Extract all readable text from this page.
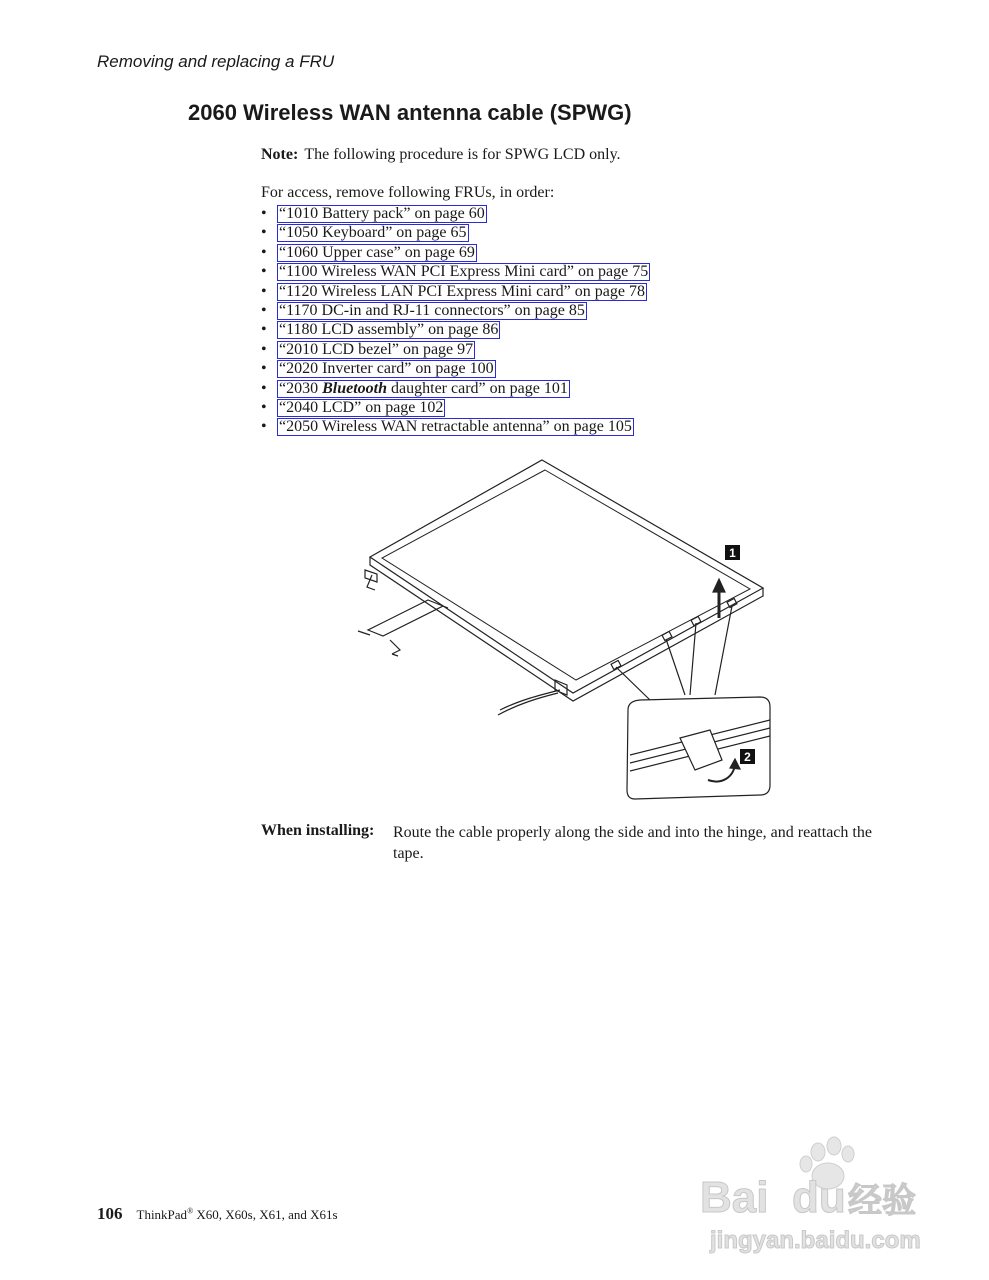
Removing and replacing a FRU
2060 Wireless WAN antenna cable (SPWG)
Note: The following procedure is for SPWG LCD only.
For access, remove following FRUs, in order:
• “1010 Battery pack” on page 60
• “1050 Keyboard” on page 65
• “1060 Upper case” on page 69
• “1100 Wireless WAN PCI Express Mini card” on page 75
• “1120 Wireless LAN PCI Express Mini card” on page 78
• “1170 DC-in and RJ-11 connectors” on page 85
• “1180 LCD assembly” on page 86
• “2010 LCD bezel” on page 97
• “2020 Inverter card” on page 100
• “2030 Bluetooth daughter card” on page 101
• “2040 LCD” on page 102
• “2050 Wireless WAN retractable antenna” on page 105
1
2
When installing: Route the cable properly along the side and into the hinge, and reattach the tape.
106 ThinkPad® X60, X60s, X61, and X61s	Bai du 经验
jingyan.baidu.com
